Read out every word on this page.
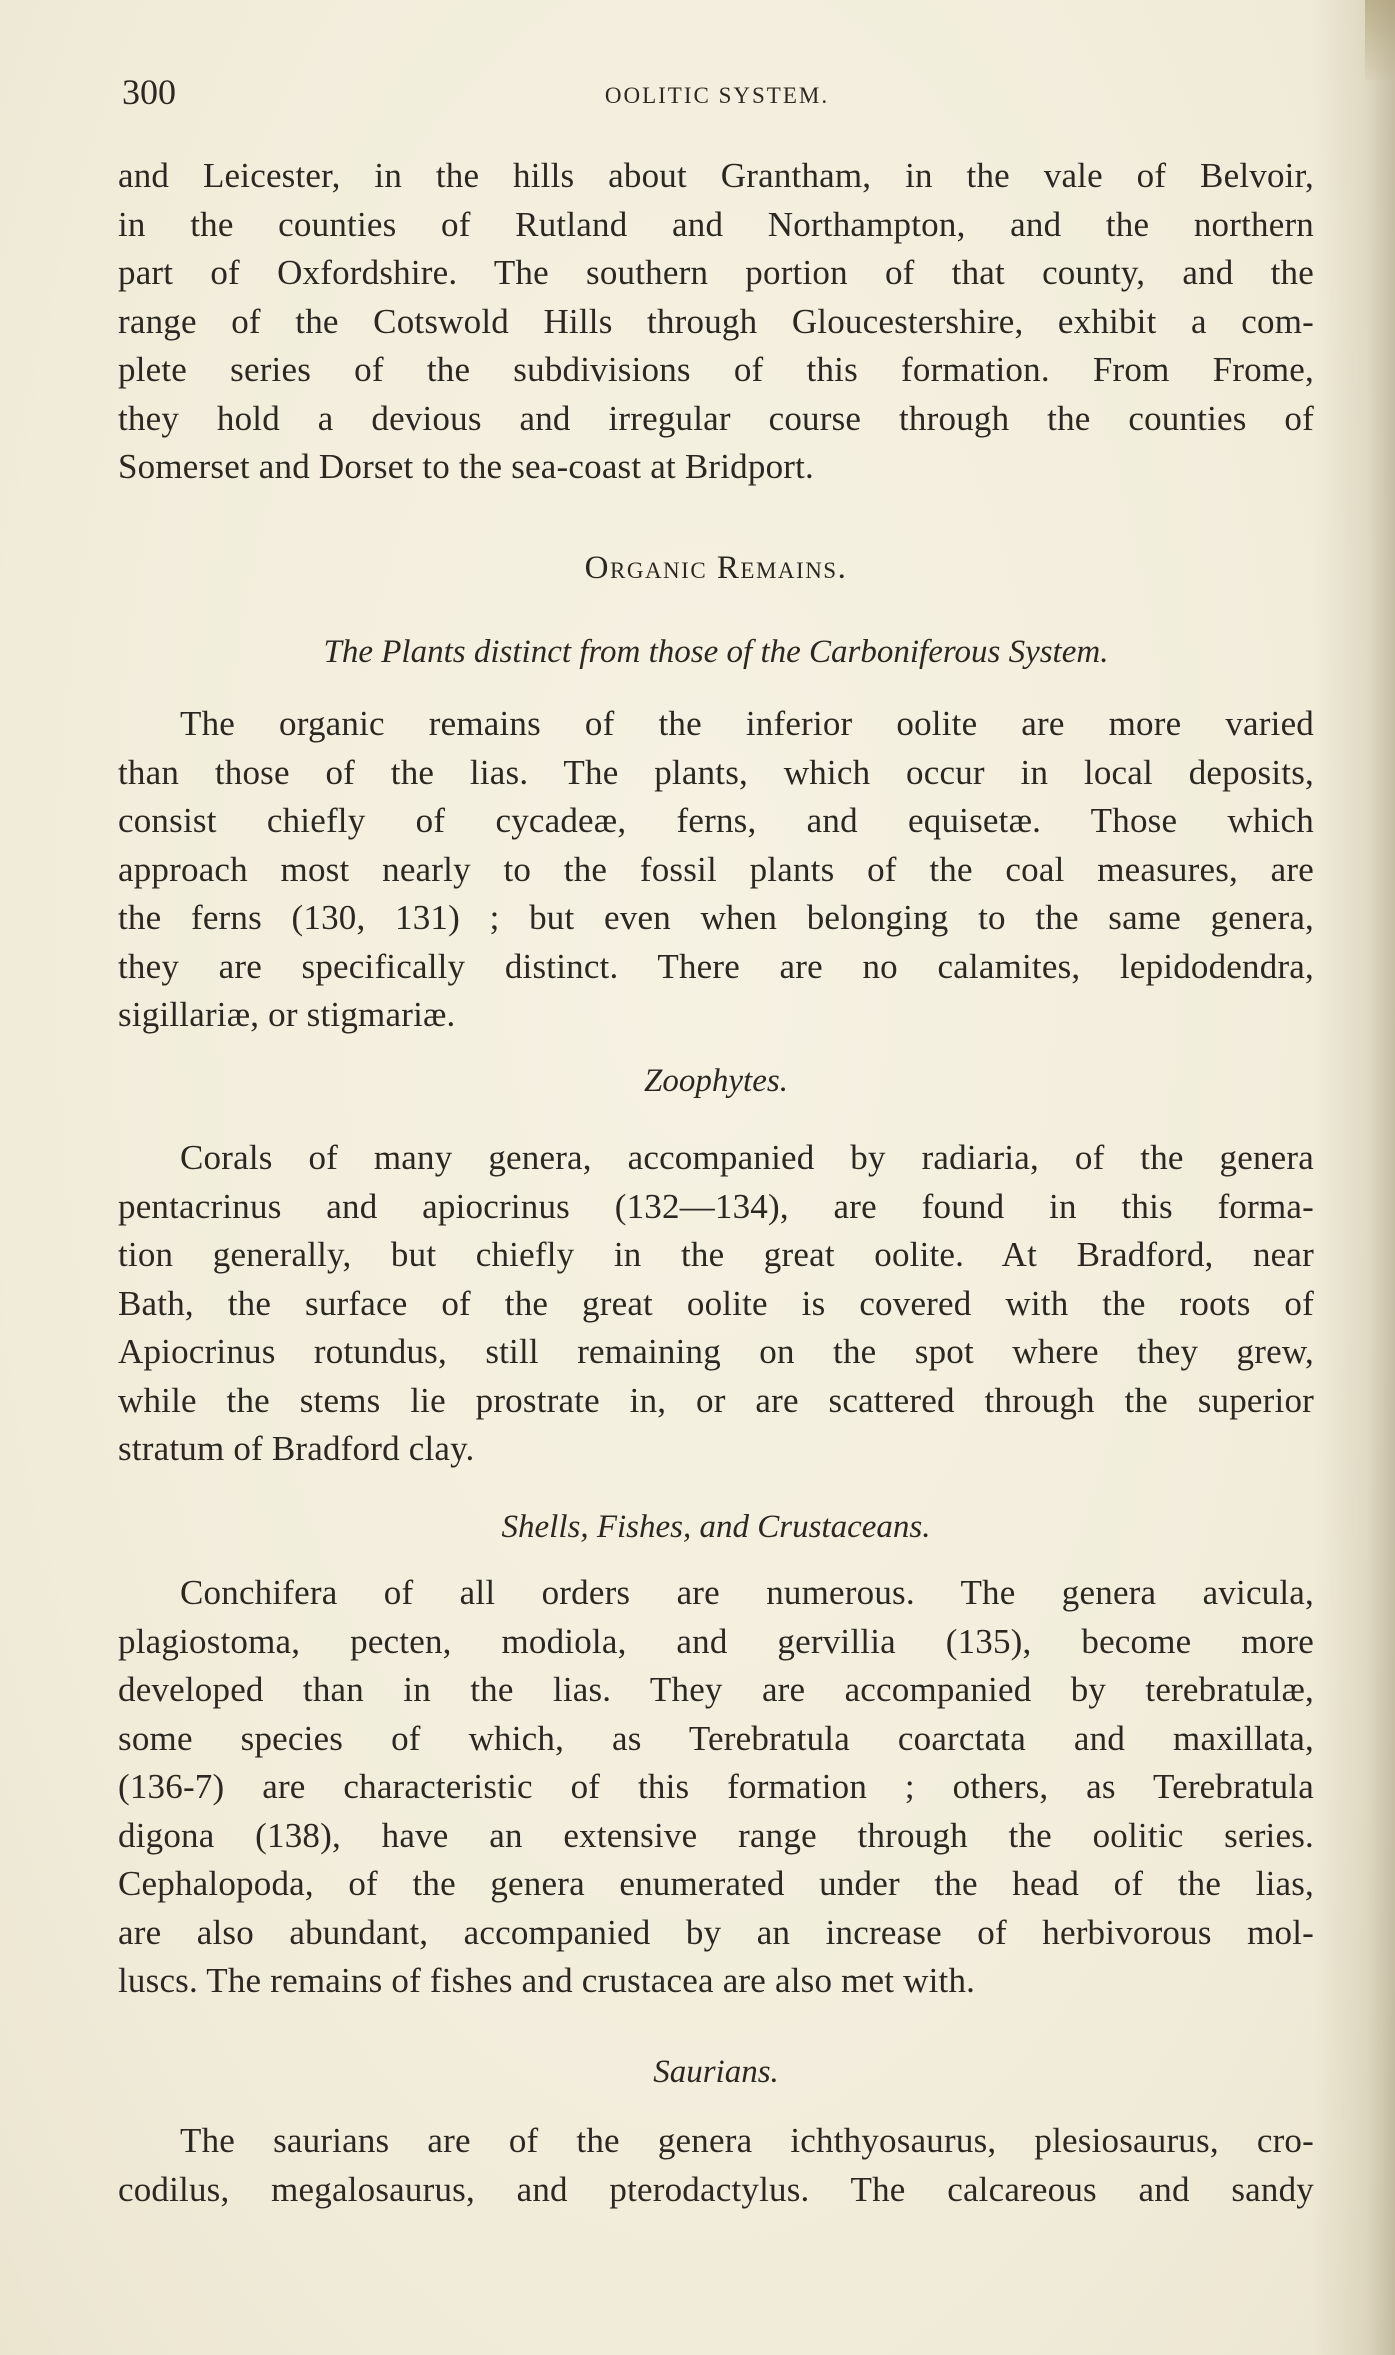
300	OOLITIC SYSTEM.

and Leicester, in the hills about Grantham, in the vale of Belvoir,
in the counties of Rutland and Northampton, and the northern
part of Oxfordshire. The southern portion of that county, and the
range of the Cotswold Hills through Gloucestershire, exhibit a com-
plete series of the subdivisions of this formation. From Frome,
they hold a devious and irregular course through the counties of
Somerset and Dorset to the sea-coast at Bridport.

Organic Remains.
The Plants distinct from those of the Carboniferous System.

The organic remains of the inferior oolite are more varied
than those of the lias. The plants, which occur in local deposits,
consist chiefly of cycadeæ, ferns, and equisetæ. Those which
approach most nearly to the fossil plants of the coal measures, are
the ferns (130, 131) ; but even when belonging to the same genera,
they are specifically distinct. There are no calamites, lepidodendra,
sigillariæ, or stigmariæ.

Zoophytes.

Corals of many genera, accompanied by radiaria, of the genera
pentacrinus and apiocrinus (132—134), are found in this forma-
tion generally, but chiefly in the great oolite. At Bradford, near
Bath, the surface of the great oolite is covered with the roots of
Apiocrinus rotundus, still remaining on the spot where they grew,
while the stems lie prostrate in, or are scattered through the superior
stratum of Bradford clay.

Shells, Fishes, and Crustaceans.

Conchifera of all orders are numerous. The genera avicula,
plagiostoma, pecten, modiola, and gervillia (135), become more
developed than in the lias. They are accompanied by terebratulæ,
some species of which, as Terebratula coarctata and maxillata,
(136-7) are characteristic of this formation ; others, as Terebratula
digona (138), have an extensive range through the oolitic series.
Cephalopoda, of the genera enumerated under the head of the lias,
are also abundant, accompanied by an increase of herbivorous mol-
luscs. The remains of fishes and crustacea are also met with.

Saurians.

The saurians are of the genera ichthyosaurus, plesiosaurus, cro-
codilus, megalosaurus, and pterodactylus. The calcareous and sandy
